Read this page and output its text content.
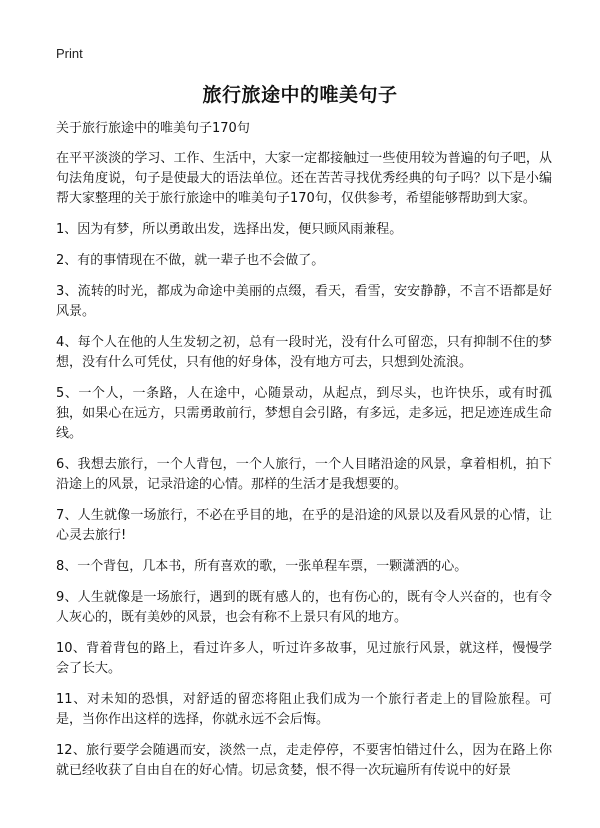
Print
旅行旅途中的唯美句子

关于旅行旅途中的唯美句子170句

在平平淡淡的学习、工作、生活中，大家一定都接触过一些使用较为普遍的句子吧，从句法角度说，句子是使最大的语法单位。还在苦苦寻找优秀经典的句子吗？以下是小编帮大家整理的关于旅行旅途中的唯美句子170句，仅供参考，希望能够帮助到大家。

1、因为有梦，所以勇敢出发，选择出发，便只顾风雨兼程。

2、有的事情现在不做，就一辈子也不会做了。

3、流转的时光，都成为命途中美丽的点缀，看天，看雪，安安静静，不言不语都是好风景。

4、每个人在他的人生发轫之初，总有一段时光，没有什么可留恋，只有抑制不住的梦想，没有什么可凭仗，只有他的好身体，没有地方可去，只想到处流浪。

5、一个人，一条路，人在途中，心随景动，从起点，到尽头，也许快乐，或有时孤独，如果心在远方，只需勇敢前行，梦想自会引路，有多远，走多远，把足迹连成生命线。

6、我想去旅行，一个人背包，一个人旅行，一个人目睹沿途的风景，拿着相机，拍下沿途上的风景，记录沿途的心情。那样的生活才是我想要的。

7、人生就像一场旅行，不必在乎目的地，在乎的是沿途的风景以及看风景的心情，让心灵去旅行!

8、一个背包，几本书，所有喜欢的歌，一张单程车票，一颗潇洒的心。

9、人生就像是一场旅行，遇到的既有感人的，也有伤心的，既有令人兴奋的，也有令人灰心的，既有美妙的风景，也会有称不上景只有风的地方。

10、背着背包的路上，看过许多人，听过许多故事，见过旅行风景，就这样，慢慢学会了长大。

11、对未知的恐惧，对舒适的留恋将阻止我们成为一个旅行者走上的冒险旅程。可是，当你作出这样的选择，你就永远不会后悔。

12、旅行要学会随遇而安，淡然一点，走走停停，不要害怕错过什么，因为在路上你就已经收获了自由自在的好心情。切忌贪婪，恨不得一次玩遍所有传说中的好景
